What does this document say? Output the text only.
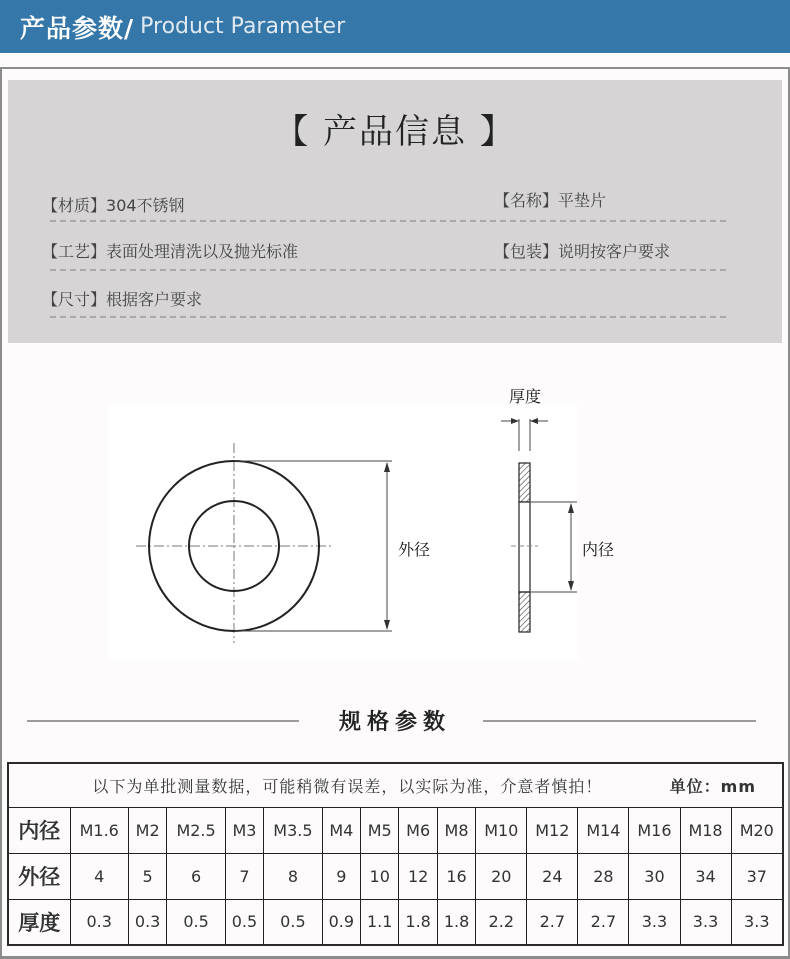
产品参数/ Product Parameter
【 产品信息 】
【材质】304不锈钢
【工艺】表面处理清洗以及抛光标准
【尺寸】根据客户要求
【名称】平垫片
【包装】说明按客户要求
外径	内径
厚度
规格参数
以下为单批测量数据，可能稍微有误差，以实际为准，介意者慎拍！ 单位：mm															

内径	M1.6	M2	M2.5	M3	M3.5	M4	M5	M6	M8	M10	M12	M14	M16	M18	M20
外径	4	5	6	7	8	9	10	12	16	20	24	28	30	34	37
厚度	0.3	0.3	0.5	0.5	0.5	0.9	1.1	1.8	1.8	2.2	2.7	2.7	3.3	3.3	3.3
